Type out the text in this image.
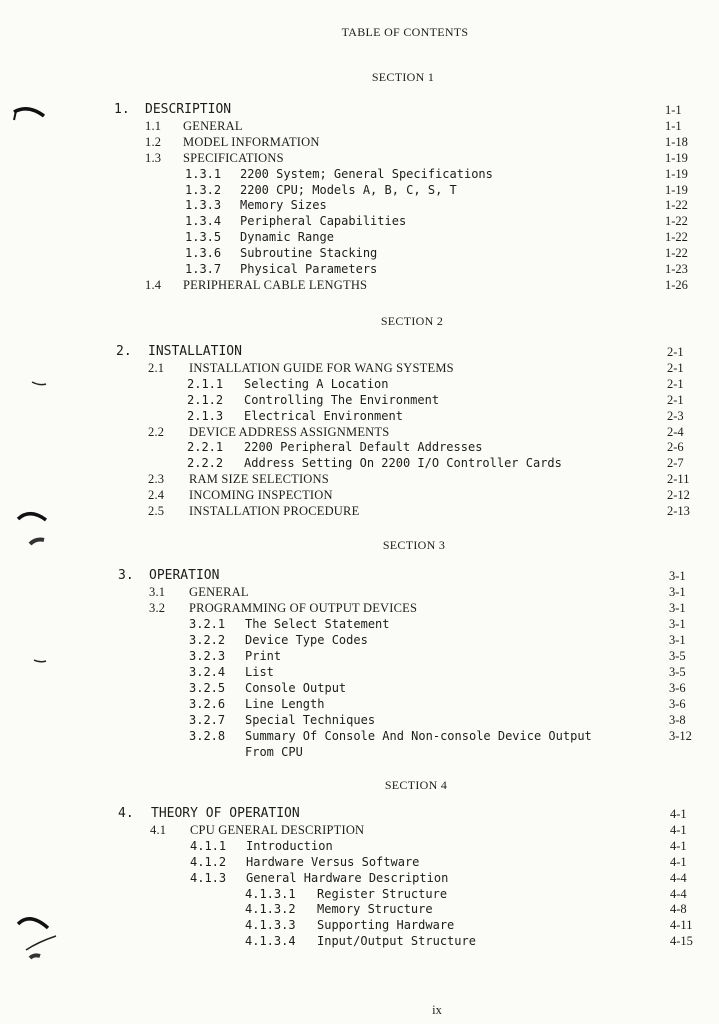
TABLE OF CONTENTS
ix
SECTION 1
1. DESCRIPTION	1-1
1.1 GENERAL	1-1
1.2 MODEL INFORMATION	1-18
1.3 SPECIFICATIONS	1-19
1.3.1 2200 System; General Specifications	1-19
1.3.2 2200 CPU; Models A, B, C, S, T	1-19
1.3.3 Memory Sizes	1-22
1.3.4 Peripheral Capabilities	1-22
1.3.5 Dynamic Range	1-22
1.3.6 Subroutine Stacking	1-22
1.3.7 Physical Parameters	1-23
1.4 PERIPHERAL CABLE LENGTHS	1-26
SECTION 2
2. INSTALLATION	2-1
2.1 INSTALLATION GUIDE FOR WANG SYSTEMS	2-1
2.1.1 Selecting A Location	2-1
2.1.2 Controlling The Environment	2-1
2.1.3 Electrical Environment	2-3
2.2 DEVICE ADDRESS ASSIGNMENTS	2-4
2.2.1 2200 Peripheral Default Addresses	2-6
2.2.2 Address Setting On 2200 I/O Controller Cards	2-7
2.3 RAM SIZE SELECTIONS	2-11
2.4 INCOMING INSPECTION	2-12
2.5 INSTALLATION PROCEDURE	2-13
SECTION 3
3. OPERATION	3-1
3.1 GENERAL	3-1
3.2 PROGRAMMING OF OUTPUT DEVICES	3-1
3.2.1 The Select Statement	3-1
3.2.2 Device Type Codes	3-1
3.2.3 Print	3-5
3.2.4 List	3-5
3.2.5 Console Output	3-6
3.2.6 Line Length	3-6
3.2.7 Special Techniques	3-8
3.2.8 Summary Of Console And Non-console Device Output	3-12
From CPU
SECTION 4
4. THEORY OF OPERATION	4-1
4.1 CPU GENERAL DESCRIPTION	4-1
4.1.1 Introduction	4-1
4.1.2 Hardware Versus Software	4-1
4.1.3 General Hardware Description	4-4
4.1.3.1 Register Structure	4-4
4.1.3.2 Memory Structure	4-8
4.1.3.3 Supporting Hardware	4-11
4.1.3.4 Input/Output Structure	4-15
